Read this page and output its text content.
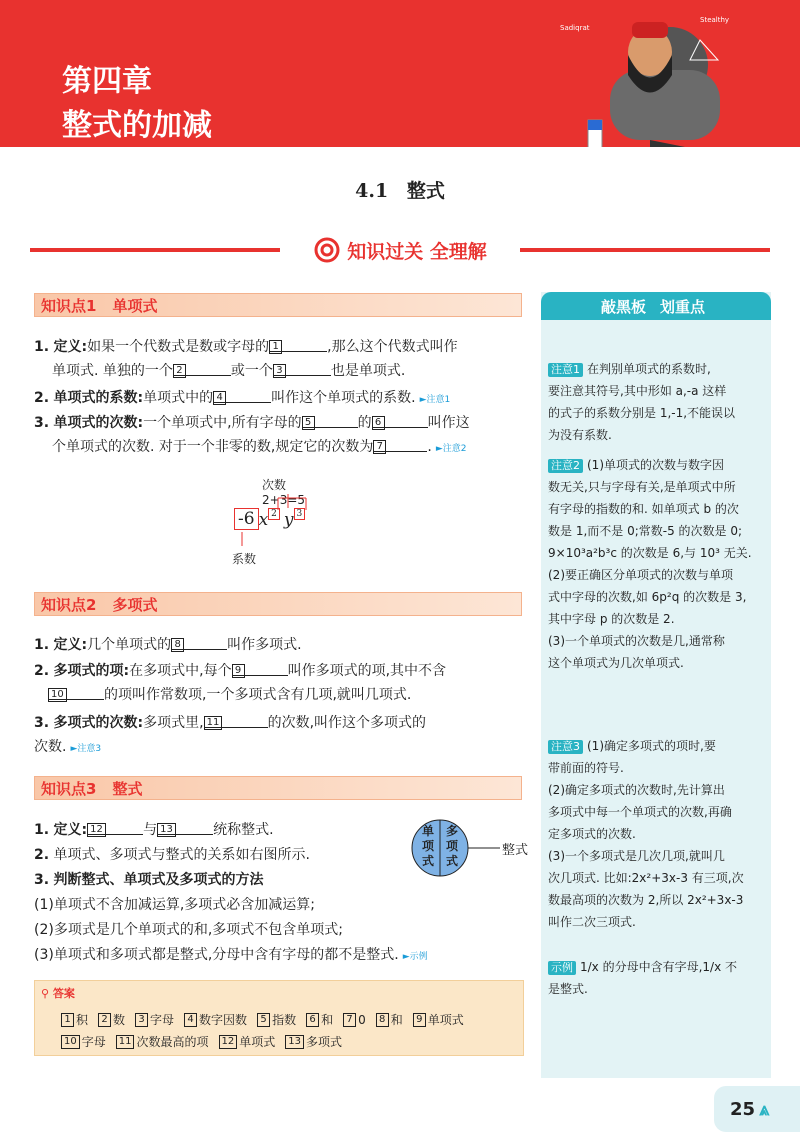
第四章
整式的加减
Sadiqrat
Stealthy
4.1 整式
知识过关 全理解
知识点1 单项式
1. 定义:如果一个代数式是数或字母的 1	,那么这个代数式叫作
单项式. 单独的一个 2	或一个 3	也是单项式.
2. 单项式的系数:单项式中的 4	叫作这个单项式的系数. ►注意1
3. 单项式的次数:一个单项式中,所有字母的 5	的 6	叫作这
个单项式的次数. 对于一个非零的数,规定它的次数为 7	. ►注意2
次数2+3=5
-6 x 2 y 3
系数
知识点2 多项式
1. 定义:几个单项式的 8	叫作多项式.
2. 多项式的项:在多项式中,每个 9	叫作多项式的项,其中不含
10	的项叫作常数项,一个多项式含有几项,就叫几项式.
3. 多项式的次数:多项式里, 11	的次数,叫作这个多项式的
次数. ►注意3
知识点3 整式
1. 定义: 12	与 13	统称整式.
2. 单项式、多项式与整式的关系如右图所示.
3. 判断整式、单项式及多项式的方法
(1)单项式不含加减运算,多项式必含加减运算;
(2)多项式是几个单项式的和,多项式不包含单项式;
(3)单项式和多项式都是整式,分母中含有字母的都不是整式. ►示例
单项式
多项式
整式
⚲ 答案
1 积	2 数	3 字母	4 数字因数	5 指数	6 和	7 0	8 和	9 单项式
10 字母	11 次数最高的项	12 单项式	13 多项式
敲黑板 划重点
注意1 在判别单项式的系数时,
要注意其符号,其中形如 a,-a 这样
的式子的系数分别是 1,-1,不能误以
为没有系数.
注意2 (1)单项式的次数与数字因
数无关,只与字母有关,是单项式中所
有字母的指数的和. 如单项式 b 的次
数是 1,而不是 0;常数-5 的次数是 0;
9×10³a²b³c 的次数是 6,与 10³ 无关.
(2)要正确区分单项式的次数与单项
式中字母的次数,如 6p²q 的次数是 3,
其中字母 p 的次数是 2.
(3)一个单项式的次数是几,通常称
这个单项式为几次单项式.
注意3 (1)确定多项式的项时,要
带前面的符号.
(2)确定多项式的次数时,先计算出
多项式中每一个单项式的次数,再确
定多项式的次数.
(3)一个多项式是几次几项,就叫几
次几项式. 比如:2x²+3x-3 有三项,次
数最高项的次数为 2,所以 2x²+3x-3
叫作二次三项式.
示例 1/x 的分母中含有字母,1/x 不
是整式.
25 ⩓
